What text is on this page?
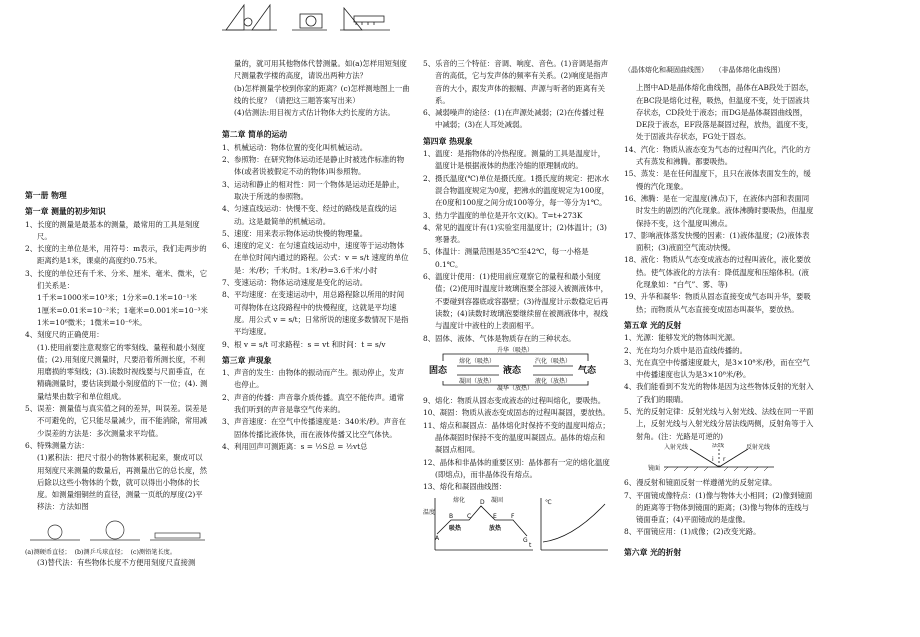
第一册 物理

第一章 测量的初步知识

1、长度的测量是最基本的测量，最常用的工具是刻度尺。

2、长度的主单位是米，用符号：m表示，我们走两步的距离约是1米，课桌的高度约0.75米。

3、长度的单位还有千米、分米、厘米、毫米、微米，它们关系是：

1千米=1000米=10³米；1分米=0.1米=10⁻¹米

1厘米=0.01米=10⁻²米；1毫米=0.001米=10⁻³米

1米=10⁶微米；1微米=10⁻⁶米。

4、刻度尺的正确使用：

(1).使用前要注意观察它的零刻线、量程和最小刻度值；(2).用刻度尺测量时，尺要沿着所测长度，不利用磨损的零刻线；(3).读数时视线要与尺面垂直，在精确测量时，要估读到最小刻度值的下一位；(4). 测量结果由数字和单位组成。

5、误差：测量值与真实值之间的差异，叫误差。误差是不可避免的，它只能尽量减少，而不能消除，常用减少误差的方法是：多次测量求平均值。

6、特殊测量方法：

(1)累积法：把尺寸很小的物体累积起来，聚成可以用刻度尺来测量的数量后，再测量出它的总长度，然后除以这些小物体的个数，就可以得出小物体的长度。如测量细铜丝的直径，测量一页纸的厚度(2)平移法：方法如图

(a)测硬币直径； (b)测乒乓球直径； (c)测铅笔长度。

(3)替代法：有些物体长度不方便用刻度尺直接测

量的，就可用其他物体代替测量。如(a)怎样用短刻度尺测量教学楼的高度，请说出两种方法？

(b)怎样测量学校到你家的距离？(c)怎样测地图上一曲线的长度？（请把这三题答案写出来）

(4)估测法:用目视方式估计物体大约长度的方法。

第二章 简单的运动

1、机械运动：物体位置的变化叫机械运动。

2、参照物：在研究物体运动还是静止时被选作标准的物体(或者说被假定不动的物体)叫参照物。

3、运动和静止的相对性：同一个物体是运动还是静止，取决于所选的参照物。

4、匀速直线运动：快慢不变、经过的路线是直线的运动。这是最简单的机械运动。

5、速度：用来表示物体运动快慢的物理量。

6、速度的定义：在匀速直线运动中，速度等于运动物体在单位时间内通过的路程。公式：v = s/t 速度的单位是：米/秒；千米/时。1米/秒=3.6千米/小时

7、变速运动：物体运动速度是变化的运动。

8、平均速度：在变速运动中，用总路程除以所用的时间可得物体在这段路程中的快慢程度，这就是平均速度。用公式 v = s/t；日常所说的速度多数情况下是指平均速度。

9、根 v = s/t 可求路程：s = vt 和时间：t = s/v

第三章 声现象

1、声音的发生：由物体的振动而产生。振动停止，发声也停止。

2、声音的传播：声音靠介质传播。真空不能传声。通常我们听到的声音是靠空气传来的。

3、声音速度：在空气中传播速度是：340米/秒。声音在固体传播比液体快，而在液体传播又比空气体快。

4、利用回声可测距离：s = ½S总 = ½vt总

5、乐音的三个特征：音调、响度、音色。(1)音调是指声音的高低，它与发声体的频率有关系。(2)响度是指声音的大小，跟发声体的振幅、声源与听者的距离有关系。

6、减弱噪声的途径：(1)在声源处减弱；(2)在传播过程中减弱；(3)在人耳处减弱。

第四章 热现象

1、温度：是指物体的冷热程度。测量的工具是温度计，

温度计是根据液体的热胀冷缩的原理制成的。

2、摄氏温度(℃)单位是摄氏度。1摄氏度的规定：把冰水混合物温度规定为0度，把沸水的温度规定为100度，在0度和100度之间分成100等分，每一等分为1℃。

3、热力学温度的单位是开尔文(K)。T=t+273K

4、常见的温度计有(1)实验室用温度计；(2)体温计；(3)寒暑表。

5、体温计：测量范围是35℃至42℃，每一小格是0.1℃。

6、温度计使用：(1)使用前应观察它的量程和最小刻度值；(2)使用时温度计玻璃泡要全部浸入被测液体中，不要碰到容器底或容器壁；(3)待温度计示数稳定后再读数；(4)读数时玻璃泡要继续留在被测液体中，视线与温度计中液柱的上表面相平。

8、固体、液体、气体是物质存在的三种状态。

固态	液态	气态
熔化（吸热）
凝固（放热）
汽化（吸热）
液化（放热）
升华（吸热）
凝华（放热）

9、熔化：物质从固态变成液态的过程叫熔化，要吸热。

10、凝固：物质从液态变成固态的过程叫凝固，要放热。

11、熔点和凝固点：晶体熔化时保持不变的温度叫熔点；晶体凝固时保持不变的温度叫凝固点。晶体的熔点和凝固点相同。

12、晶体和非晶体的重要区别：晶体都有一定的熔化温度(即熔点)，而非晶体没有熔点。

13、熔化和凝固曲线图：

温度
t
℃
熔化	凝固
吸热	放热
A
B C
D
E F
G

（晶体熔化和凝固曲线图） （非晶体熔化曲线图）

上图中AD是晶体熔化曲线图，晶体在AB段处于固态，在BC段是熔化过程，吸热，但温度不变，处于固液共存状态，CD段处于液态；而DG是晶体凝固曲线图，DE段于液态，EF段落是凝固过程，放热，温度不变，处于固液共存状态，FG处于固态。

14、汽化：物质从液态变为气态的过程叫汽化，汽化的方式有蒸发和沸腾。都要吸热。

15、蒸发：是在任何温度下，且只在液体表面发生的，缓慢的汽化现象。

16、沸腾：是在一定温度(沸点)下，在液体内部和表面同时发生的剧烈的汽化现象。液体沸腾时要吸热，但温度保持不变，这个温度叫沸点。

17、影响液体蒸发快慢的因素：(1)液体温度；(2)液体表面积；(3)液面空气流动快慢。

18、液化：物质从气态变成液态的过程叫液化，液化要放热。使气体液化的方法有：降低温度和压缩体积。(液化现象如：“白气”、雾、等)

19、升华和凝华：物质从固态直接变成气态叫升华，要吸热；而物质从气态直接变成固态叫凝华，要放热。

第五章 光的反射

1、光源：能够发光的物体叫光源。

2、光在均匀介质中是沿直线传播的。

3、光在真空中传播速度最大，是3×10⁸米/秒，而在空气中传播速度也认为是3×10⁸米/秒。

4、我们能看到不发光的物体是因为这些物体反射的光射入了我们的眼睛。

5、光的反射定律：反射光线与入射光线、法线在同一平面上，反射光线与入射光线分居法线两侧，反射角等于入射角。(注：光路是可逆的)

入射光线	法线	反射光线
镜面
i r

6、漫反射和镜面反射一样遵循光的反射定律。

7、平面镜成像特点：(1)像与物体大小相同；(2)像到镜面的距离等于物体到镜面的距离；(3)像与物体的连线与镜面垂直；(4)平面镜成的是虚像。

8、平面镜应用：(1)成像；(2)改变光路。

第六章 光的折射
